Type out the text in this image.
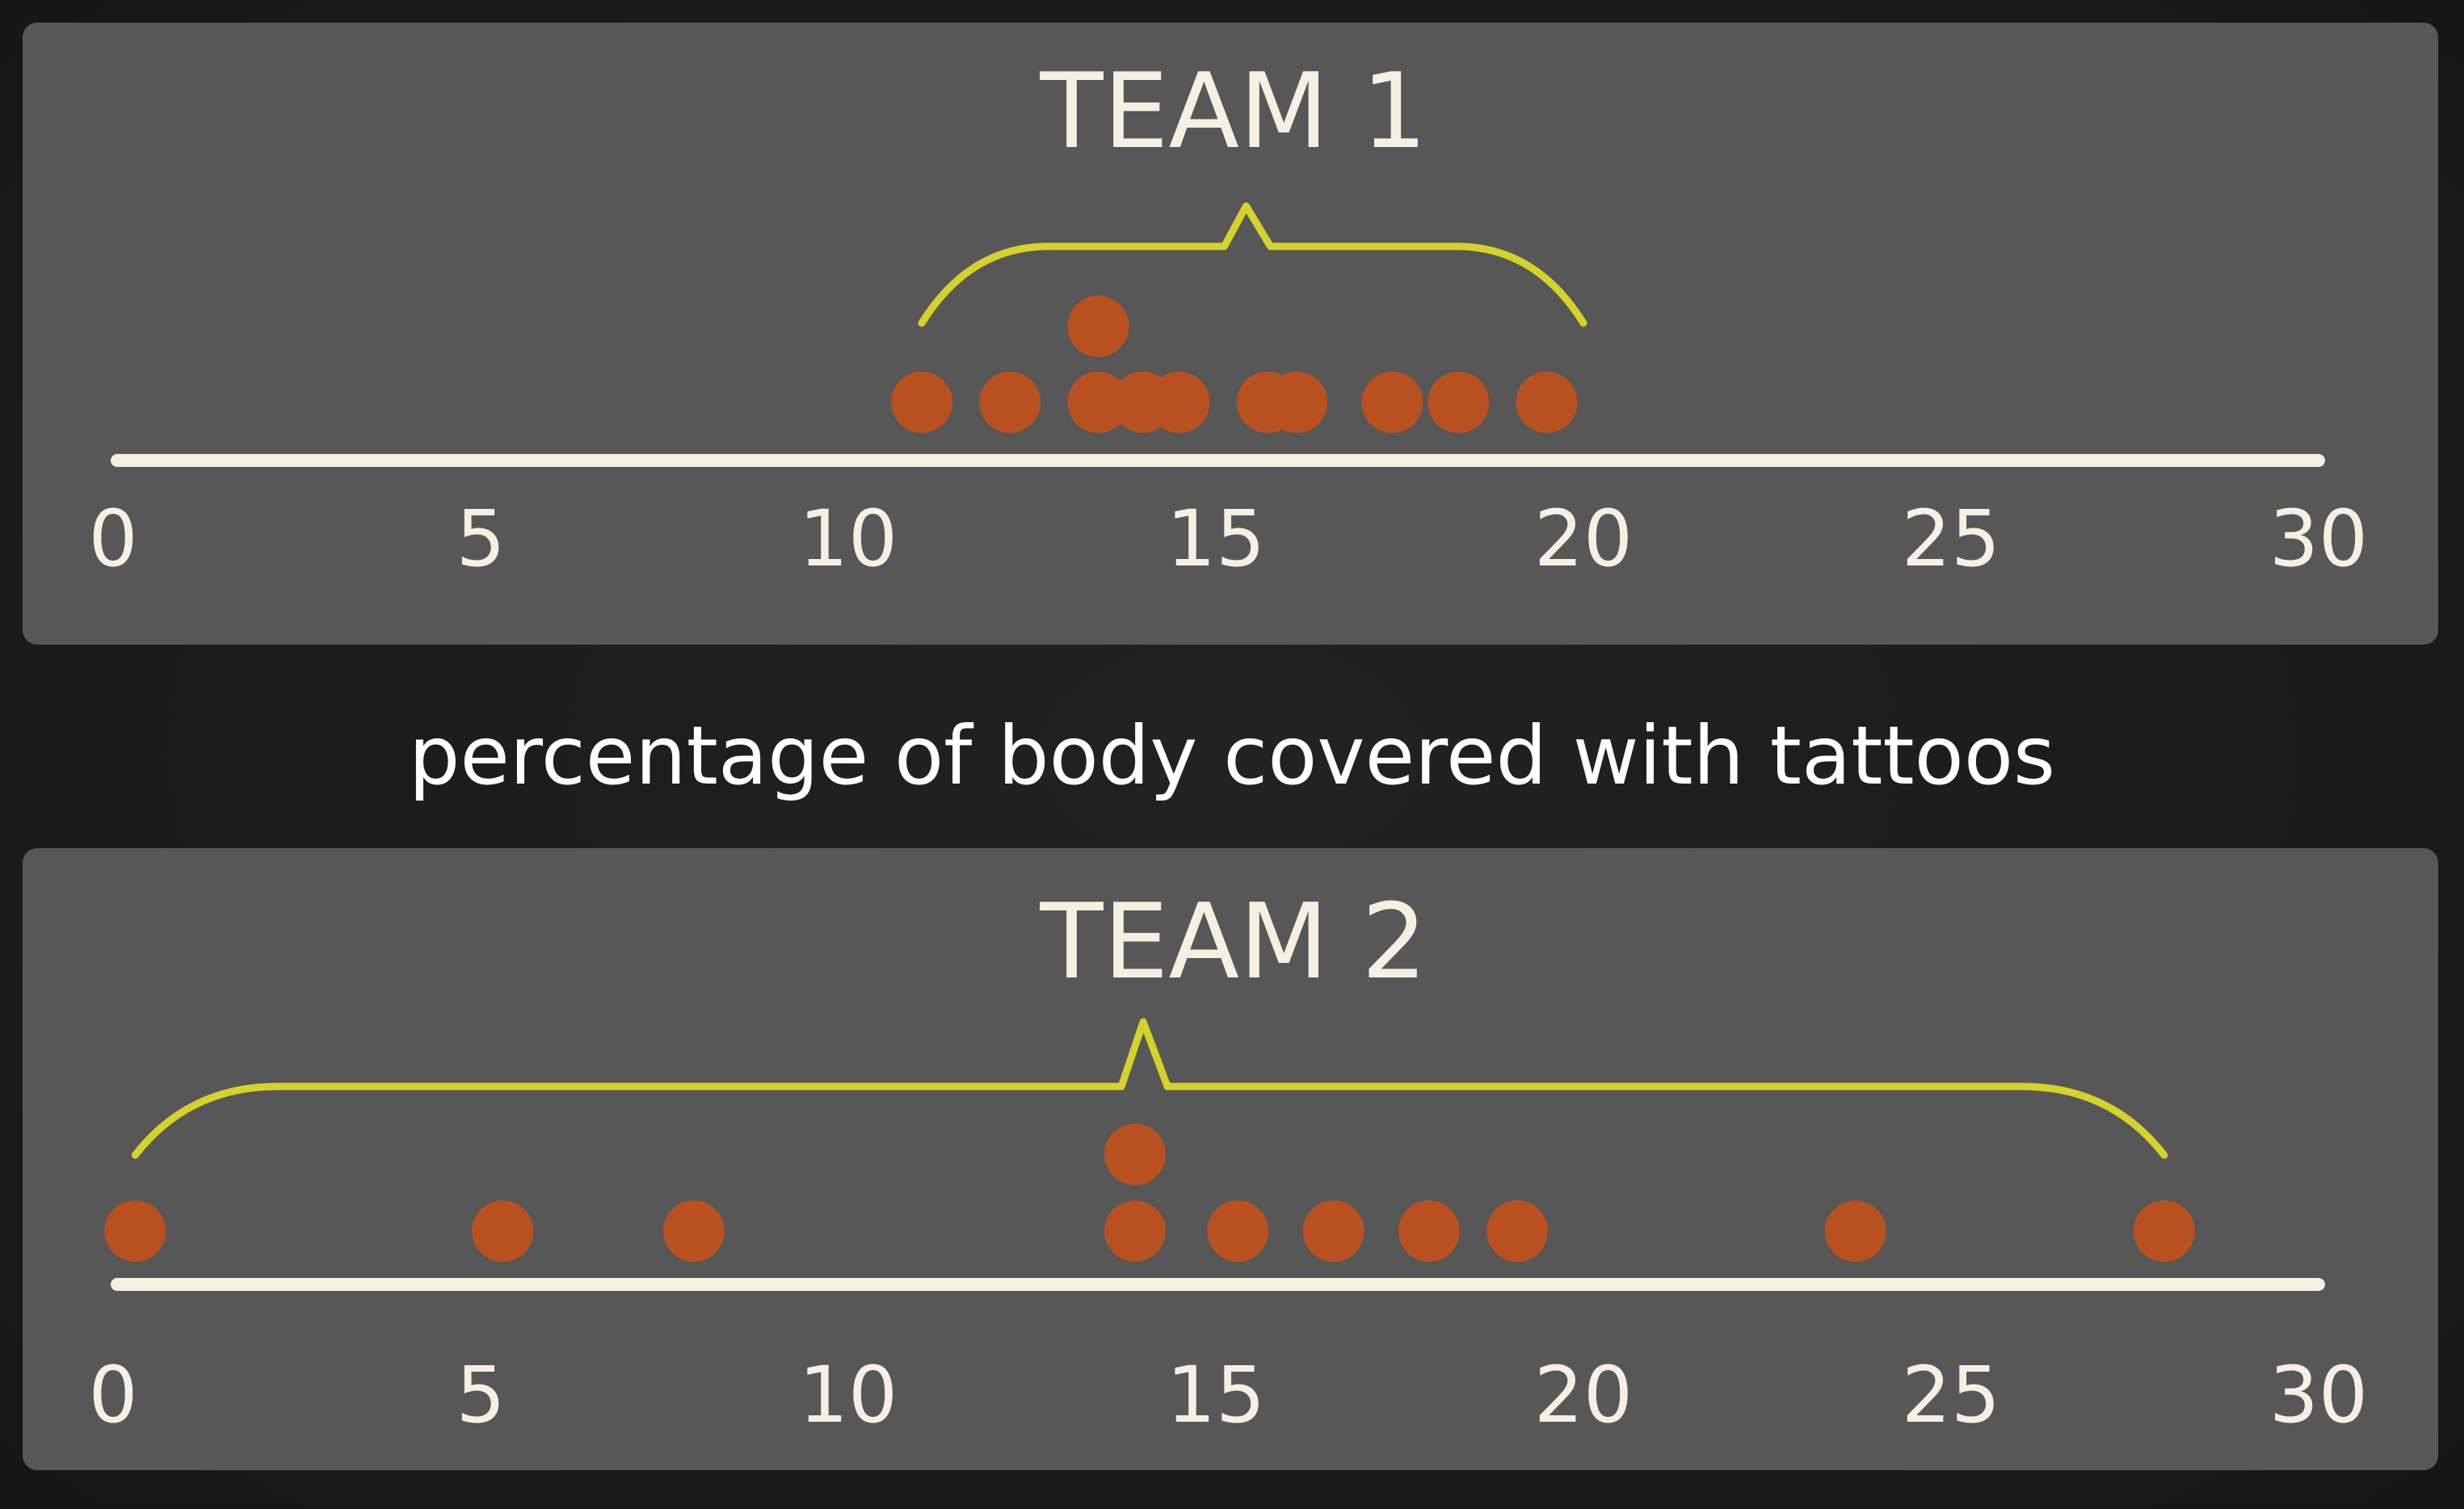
TEAM 1
0	5	10	15	20	25	30
percentage of body covered with tattoos
TEAM 2
0	5	10	15	20	25	30
